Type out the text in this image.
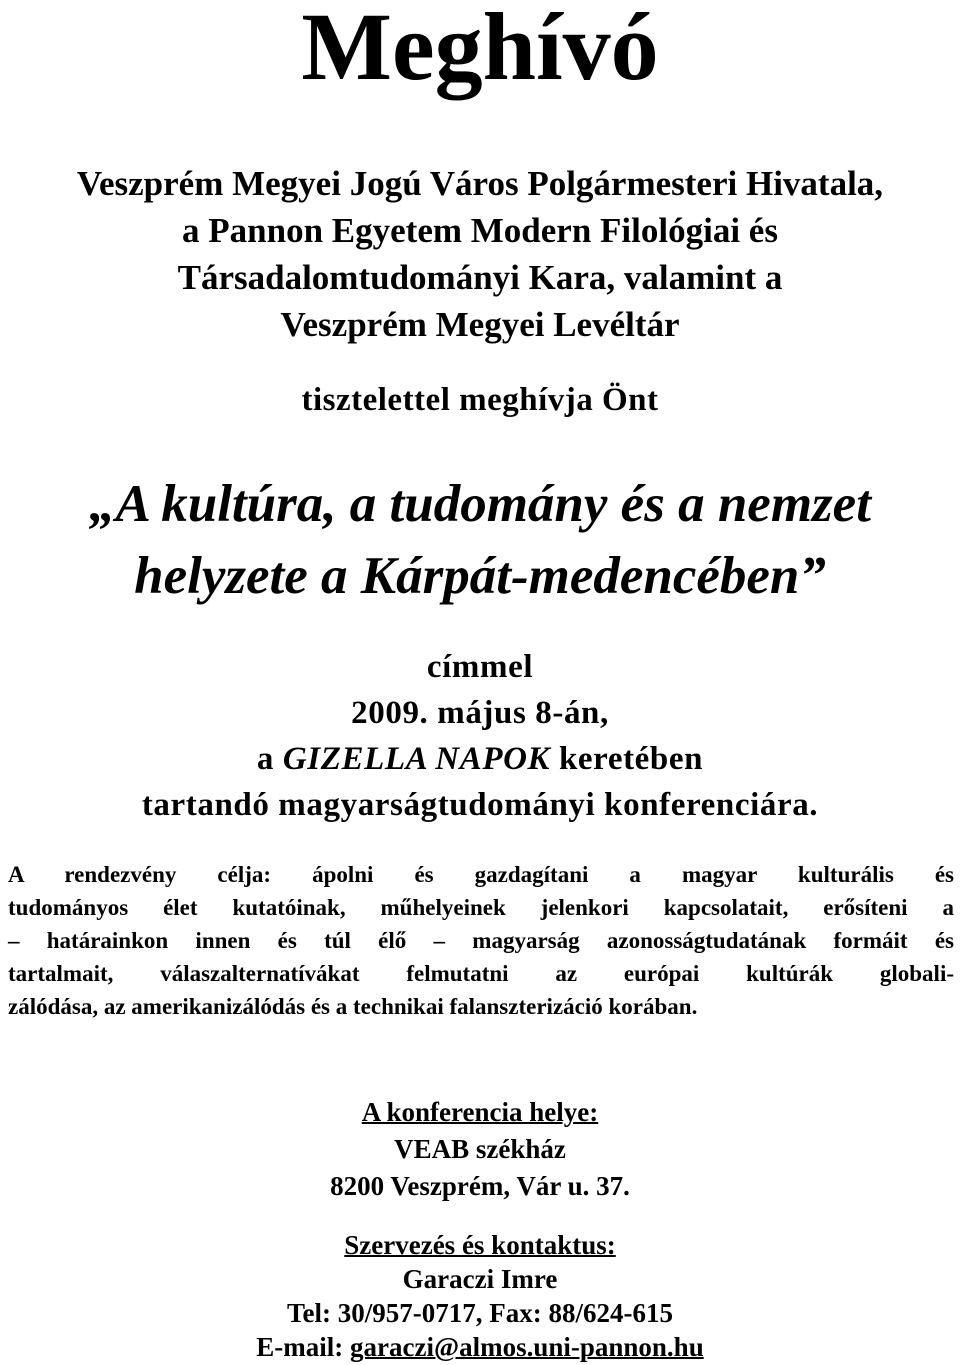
Meghívó
Veszprém Megyei Jogú Város Polgármesteri Hivatala,
a Pannon Egyetem Modern Filológiai és
Társadalomtudományi Kara, valamint a
Veszprém Megyei Levéltár
tisztelettel meghívja Önt
„A kultúra, a tudomány és a nemzet
helyzete a Kárpát-medencében”
címmel
2009. május 8-án,
a GIZELLA NAPOK keretében
tartandó magyarságtudományi konferenciára.
A rendezvény célja: ápolni és gazdagítani a magyar kulturális és
tudományos élet kutatóinak, műhelyeinek jelenkori kapcsolatait, erősíteni a
– határainkon innen és túl élő – magyarság azonosságtudatának formáit és
tartalmait, válaszalternatívákat felmutatni az európai kultúrák globali-
zálódása, az amerikanizálódás és a technikai falanszterizáció korában.
A konferencia helye:
VEAB székház
8200 Veszprém, Vár u. 37.
Szervezés és kontaktus:
Garaczi Imre
Tel: 30/957-0717, Fax: 88/624-615
E-mail: garaczi@almos.uni-pannon.hu
